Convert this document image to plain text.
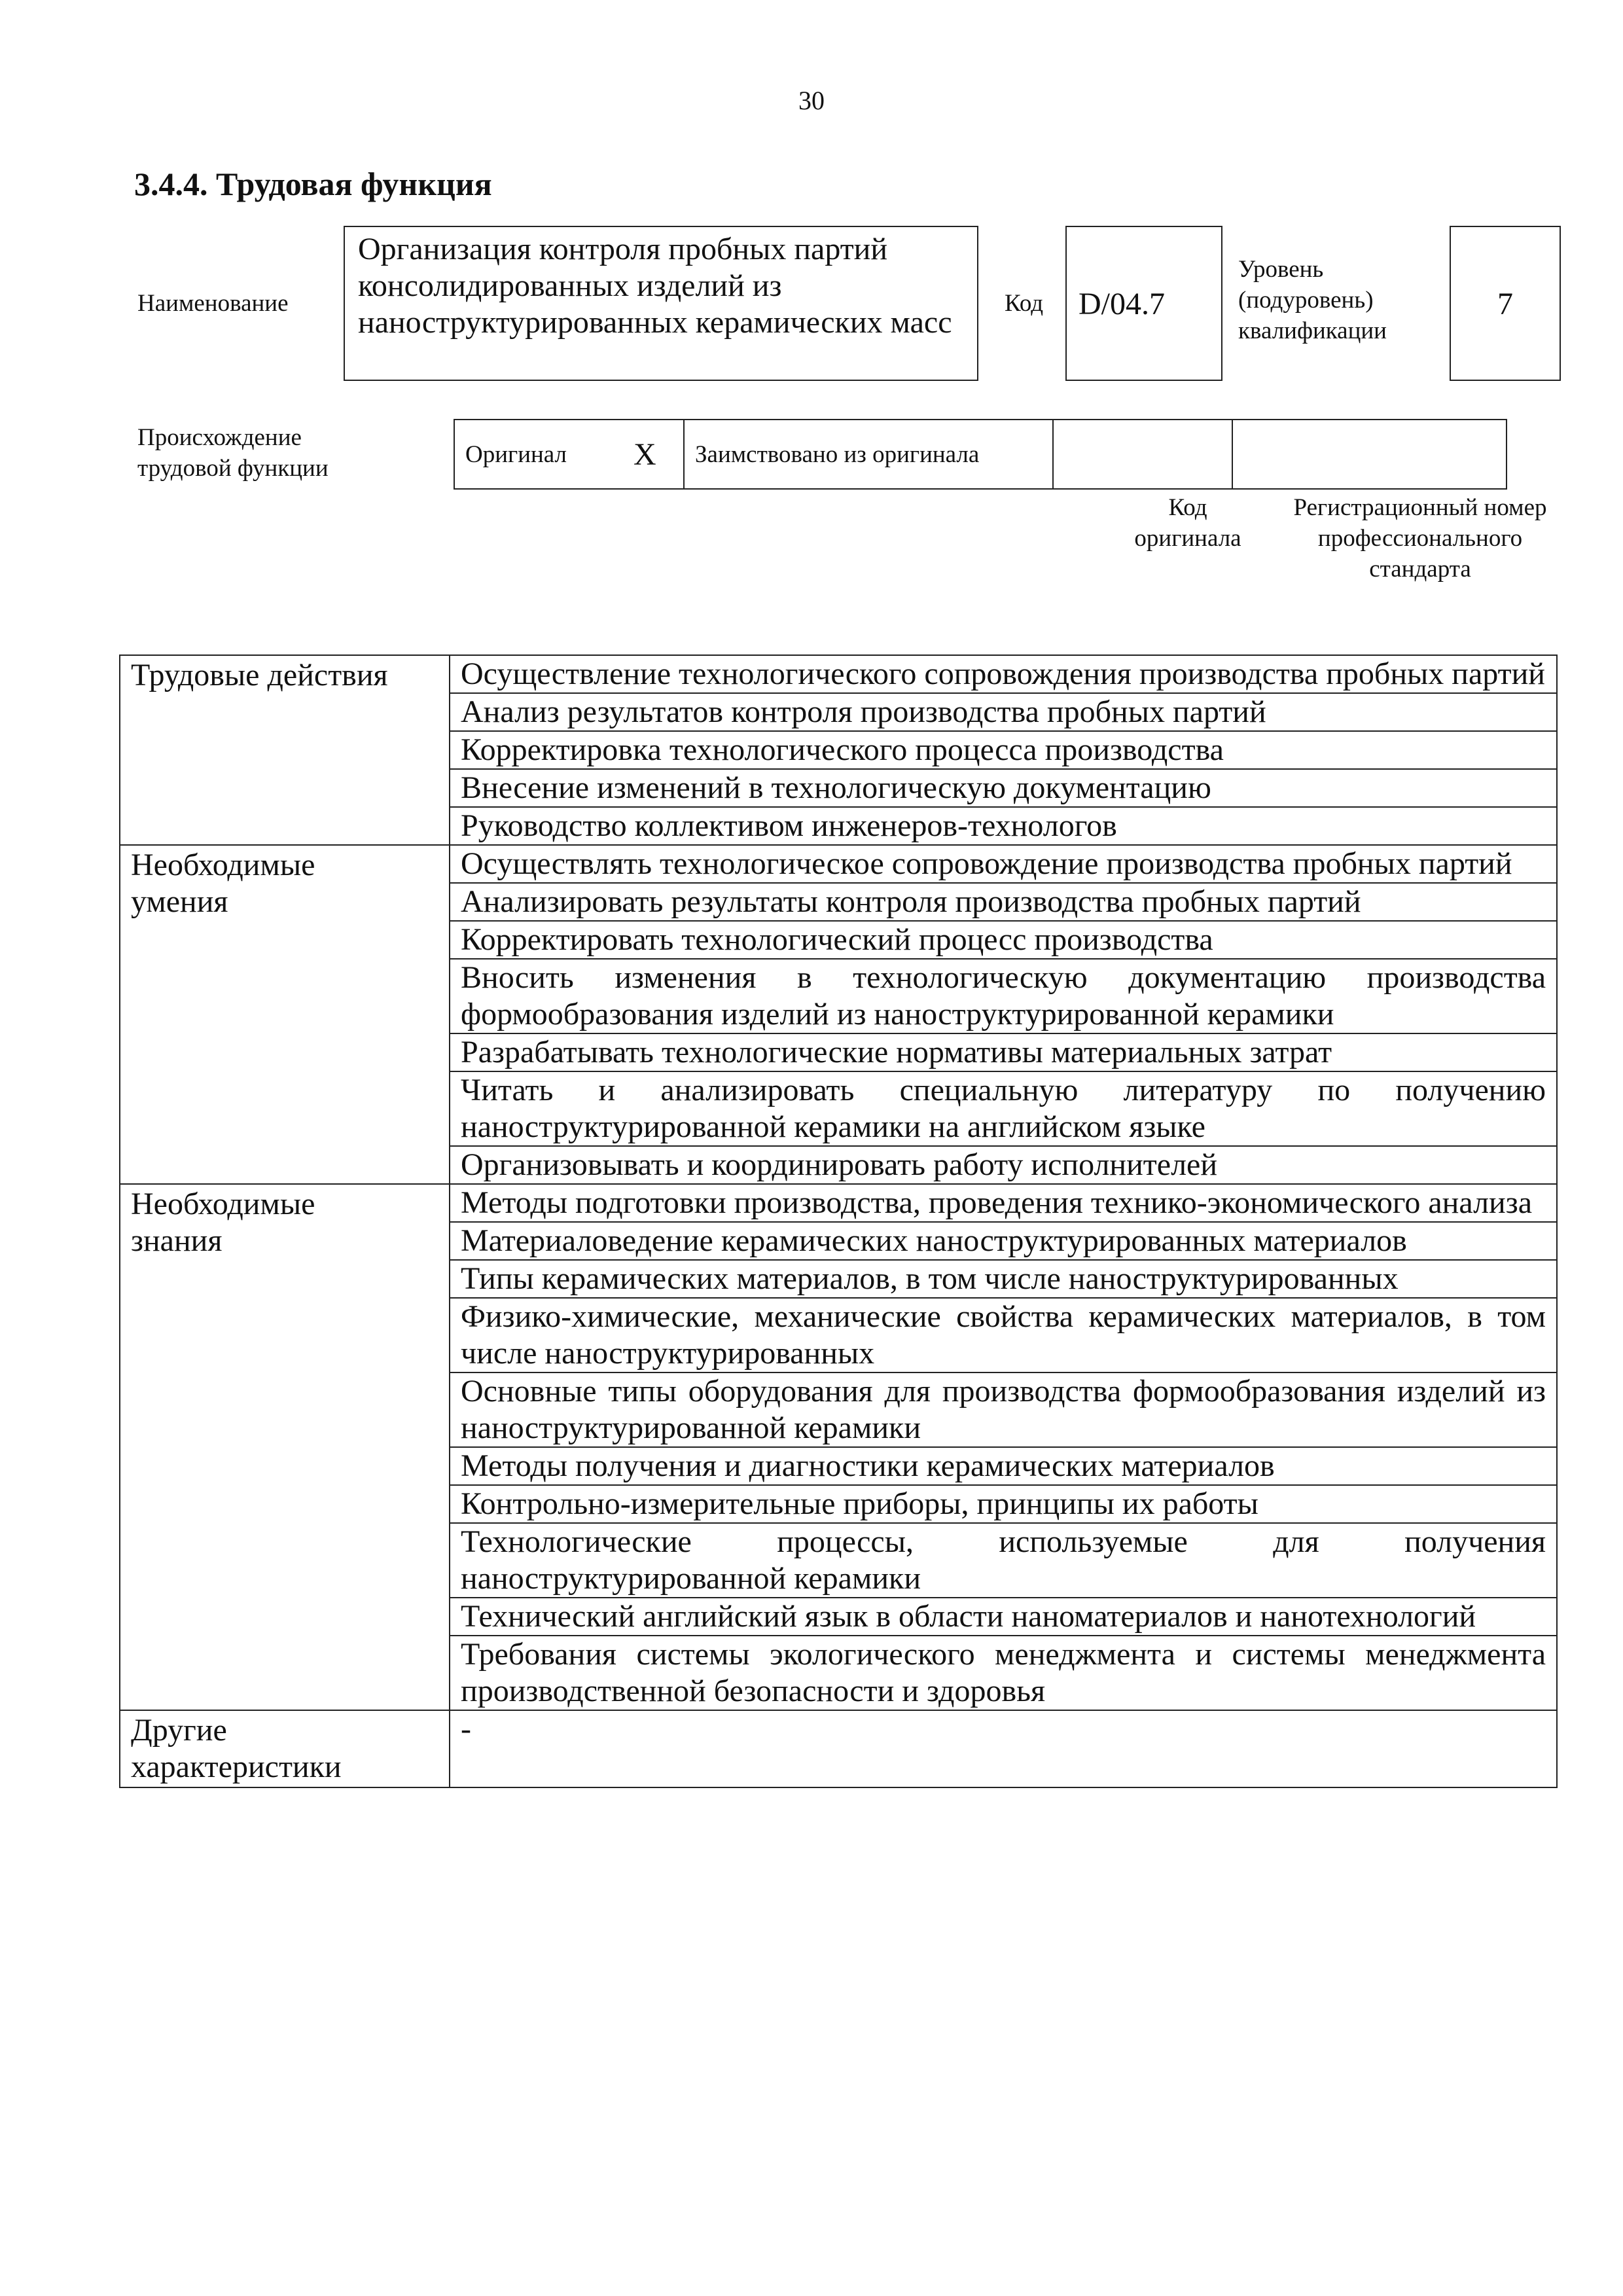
30
3.4.4. Трудовая функция
Наименование
Организация контроля пробных партий консолидированных изделий из наноструктурированных керамических масс
Код D/04.7
Уровень (подуровень) квалификации
7
Происхождение трудовой функции
Оригинал	X	Заимствовано из оригинала		
Код оригинала
Регистрационный номер профессионального стандарта
Трудовые действия	Осуществление технологического сопровождения производства пробных партий
	Анализ результатов контроля производства пробных партий
	Корректировка технологического процесса производства
	Внесение изменений в технологическую документацию
	Руководство коллективом инженеров-технологов
Необходимые умения	Осуществлять технологическое сопровождение производства пробных партий
	Анализировать результаты контроля производства пробных партий
	Корректировать технологический процесс производства
	Вносить изменения в технологическую документацию производства формообразования изделий из наноструктурированной керамики
	Разрабатывать технологические нормативы материальных затрат
	Читать и анализировать специальную литературу по получению наноструктурированной керамики на английском языке
	Организовывать и координировать работу исполнителей
Необходимые знания	Методы подготовки производства, проведения технико-экономического анализа
	Материаловедение керамических наноструктурированных материалов
	Типы керамических материалов, в том числе наноструктурированных
	Физико-химические, механические свойства керамических материалов, в том числе наноструктурированных
	Основные типы оборудования для производства формообразования изделий из наноструктурированной керамики
	Методы получения и диагностики керамических материалов
	Контрольно-измерительные приборы, принципы их работы
	Технологические процессы, используемые для получения наноструктурированной керамики
	Технический английский язык в области наноматериалов и нанотехнологий
	Требования системы экологического менеджмента и системы менеджмента производственной безопасности и здоровья
Другие характеристики	-
